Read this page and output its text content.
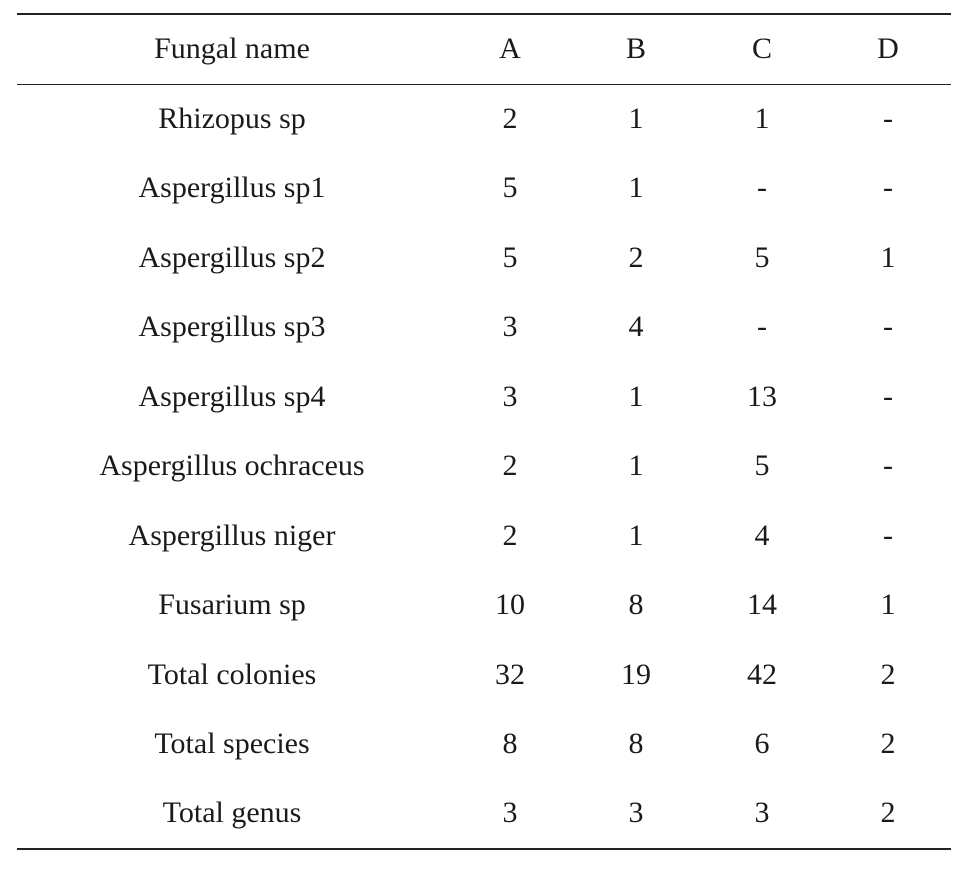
Fungal name	A	B	C	D
Rhizopus sp	2	1	1	-
Aspergillus sp1	5	1	-	-
Aspergillus sp2	5	2	5	1
Aspergillus sp3	3	4	-	-
Aspergillus sp4	3	1	13	-
Aspergillus ochraceus	2	1	5	-
Aspergillus niger	2	1	4	-
Fusarium sp	10	8	14	1
Total colonies	32	19	42	2
Total species	8	8	6	2
Total genus	3	3	3	2
